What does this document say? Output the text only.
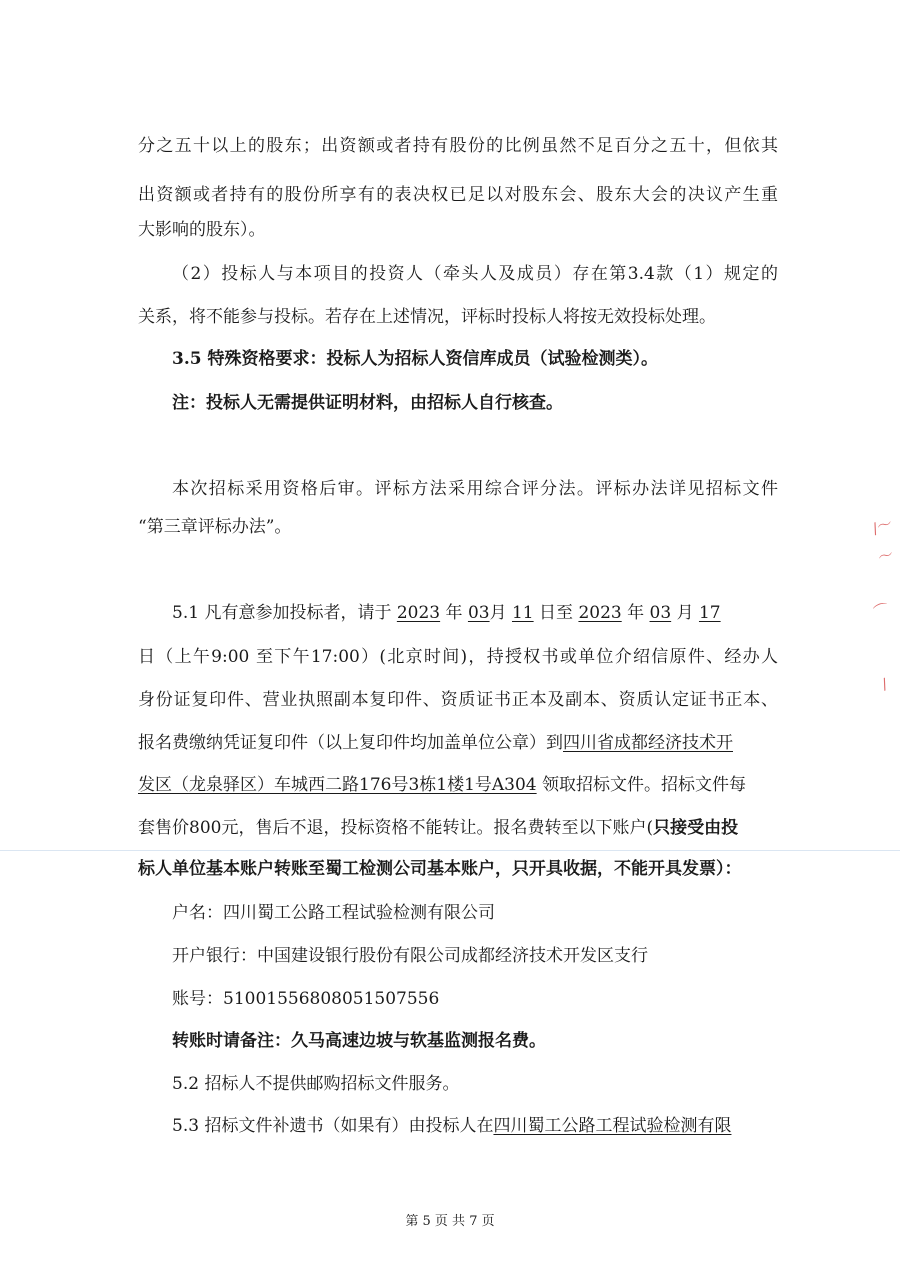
分之五十以上的股东；出资额或者持有股份的比例虽然不足百分之五十，但依其
出资额或者持有的股份所享有的表决权已足以对股东会、股东大会的决议产生重
大影响的股东）。
（2）投标人与本项目的投资人（牵头人及成员）存在第3.4款（1）规定的
关系，将不能参与投标。若存在上述情况，评标时投标人将按无效投标处理。
3.5 特殊资格要求：投标人为招标人资信库成员（试验检测类）。
注：投标人无需提供证明材料，由招标人自行核查。
本次招标采用资格后审。评标方法采用综合评分法。评标办法详见招标文件
“第三章评标办法”。
5.1 凡有意参加投标者，请于 2023 年 03月 11 日至 2023 年 03 月 17
日（上午9:00 至下午17:00）(北京时间)，持授权书或单位介绍信原件、经办人
身份证复印件、营业执照副本复印件、资质证书正本及副本、资质认定证书正本、
报名费缴纳凭证复印件（以上复印件均加盖单位公章）到四川省成都经济技术开
发区（龙泉驿区）车城西二路176号3栋1楼1号A304 领取招标文件。招标文件每
套售价800元，售后不退，投标资格不能转让。报名费转至以下账户(只接受由投
标人单位基本账户转账至蜀工检测公司基本账户，只开具收据，不能开具发票）：
户名：四川蜀工公路工程试验检测有限公司
开户银行：中国建设银行股份有限公司成都经济技术开发区支行
账号：51001556808051507556
转账时请备注：久马高速边坡与软基监测报名费。
5.2 招标人不提供邮购招标文件服务。
5.3 招标文件补遗书（如果有）由投标人在四川蜀工公路工程试验检测有限
第 5 页 共 7 页
∕〜
〜
⌒
∕
